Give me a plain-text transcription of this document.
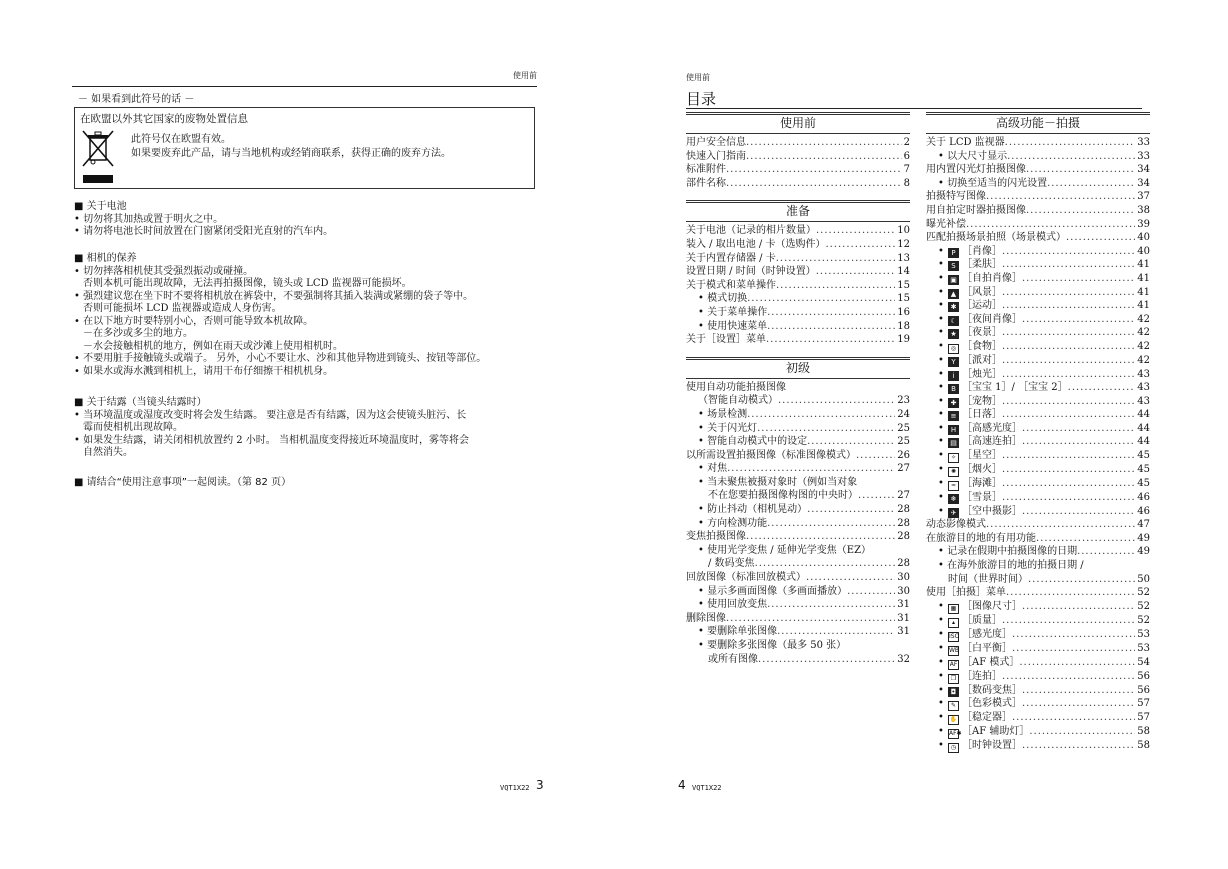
使用前
－ 如果看到此符号的话 －
在欧盟以外其它国家的废物处置信息
此符号仅在欧盟有效。
如果要废弃此产品，请与当地机构或经销商联系，获得正确的废弃方法。
■ 关于电池
• 切勿将其加热或置于明火之中。
• 请勿将电池长时间放置在门窗紧闭受阳光直射的汽车内。
■ 相机的保养
• 切勿摔落相机使其受强烈振动或碰撞。
否则本机可能出现故障，无法再拍摄图像，镜头或 LCD 监视器可能损坏。
• 强烈建议您在坐下时不要将相机放在裤袋中，不要强制将其插入装满或紧绷的袋子等中。
否则可能损坏 LCD 监视器或造成人身伤害。
• 在以下地方时要特别小心，否则可能导致本机故障。
－在多沙或多尘的地方。
－水会接触相机的地方，例如在雨天或沙滩上使用相机时。
• 不要用脏手接触镜头或端子。 另外，小心不要让水、沙和其他异物进到镜头、按钮等部位。
• 如果水或海水溅到相机上，请用干布仔细擦干相机机身。
■ 关于结露（当镜头结露时）
• 当环境温度或湿度改变时将会发生结露。 要注意是否有结露，因为这会使镜头脏污、长
霉而使相机出现故障。
• 如果发生结露，请关闭相机放置约 2 小时。 当相机温度变得接近环境温度时，雾等将会
自然消失。
■ 请结合“使用注意事项”一起阅读。（第 82 页）
VQT1X22 3
使用前
目录
使用前
用户安全信息 .....	2
快速入门指南 .....	6
标准附件 .....	7
部件名称 .....	8
准备
关于电池（记录的相片数量） .....	10
装入 / 取出电池 / 卡（选购件） .....	12
关于内置存储器 / 卡 .....	13
设置日期 / 时间（时钟设置） .....	14
关于模式和菜单操作 .....	15
• 模式切换 .....	15
• 关于菜单操作 .....	16
• 使用快速菜单 .....	18
关于［设置］菜单 .....	19
初级
使用自动功能拍摄图像
（智能自动模式） .....	23
• 场景检测 .....	24
• 关于闪光灯 .....	25
• 智能自动模式中的设定 .....	25
以所需设置拍摄图像（标准图像模式） .....	26
• 对焦 .....	27
• 当未聚焦被摄对象时（例如当对象
不在您要拍摄图像构图的中央时） .....	27
• 防止抖动（相机晃动） .....	28
• 方向检测功能 .....	28
变焦拍摄图像 .....	28
• 使用光学变焦 / 延伸光学变焦（EZ）
/ 数码变焦 .....	28
回放图像（标准回放模式） .....	30
• 显示多画面图像（多画面播放） .....	30
• 使用回放变焦 .....	31
删除图像 .....	31
• 要删除单张图像 .....	31
• 要删除多张图像（最多 50 张）
或所有图像 .....	32
高级功能－拍摄
关于 LCD 监视器 .....	33
• 以大尺寸显示 .....	33
用内置闪光灯拍摄图像 .....	34
• 切换至适当的闪光设置 .....	34
拍摄特写图像 .....	37
用自拍定时器拍摄图像 .....	38
曝光补偿 .....	39
匹配拍摄场景拍照（场景模式） .....	40
• P ［肖像］ .....	40
• S ［柔肤］ .....	41
• ▣ ［自拍肖像］ .....	41
• ▲ ［风景］ .....	41
• ✱ ［运动］ .....	41
• ☾ ［夜间肖像］ .....	42
• ★ ［夜景］ .....	42
• ◎ ［食物］ .....	42
• Y ［派对］ .....	42
• i ［烛光］ .....	43
• B ［宝宝 1］/ ［宝宝 2］ .....	43
• ✚ ［宠物］ .....	43
• ≡ ［日落］ .....	44
• H ［高感光度］ .....	44
• ▤ ［高速连拍］ .....	44
• ✧ ［星空］ .....	45
• ✺ ［烟火］ .....	45
• ≈ ［海滩］ .....	45
• ❄ ［雪景］ .....	46
• ✈ ［空中摄影］ .....	46
动态影像模式 .....	47
在旅游目的地的有用功能 .....	49
• 记录在假期中拍摄图像的日期 .....	49
• 在海外旅游目的地的拍摄日期 /
时间（世界时间） .....	50
使用［拍摄］菜单 .....	52
• ▦ ［图像尺寸］ .....	52
• ▴ ［质量］ .....	52
• ISO ［感光度］ .....	53
• WB ［白平衡］ .....	53
• AF ［AF 模式］ .....	54
• ❐ ［连拍］ .....	56
• ◘ ［数码变焦］ .....	56
• ✎ ［色彩模式］ .....	57
• ✋ ［稳定器］ .....	57
• AF✱［AF 辅助灯］ .....	58
• ◷ ［时钟设置］ .....	58
4 VQT1X22
